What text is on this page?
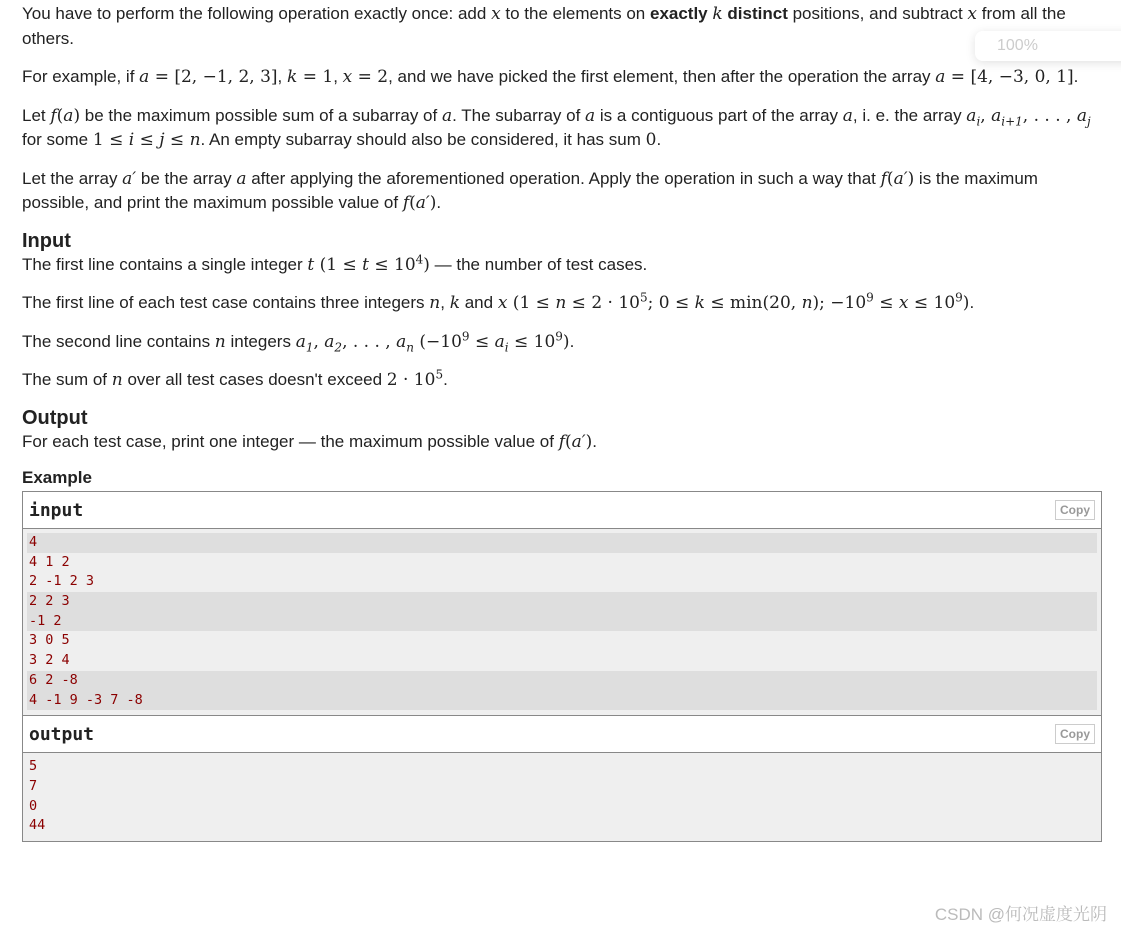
You have to perform the following operation exactly once: add x to the elements on exactly k distinct positions, and subtract x from all the others.

For example, if a = [2, −1, 2, 3], k = 1, x = 2, and we have picked the first element, then after the operation the array a = [4, −3, 0, 1].

Let f(a) be the maximum possible sum of a subarray of a. The subarray of a is a contiguous part of the array a, i. e. the array $a_i$, $a_{i+1}$, . . . , $a_j$ for some 1 ≤ i ≤ j ≤ n. An empty subarray should also be considered, it has sum 0.

Let the array a′ be the array a after applying the aforementioned operation. Apply the operation in such a way that f(a′) is the maximum possible, and print the maximum possible value of f(a′).

Input

The first line contains a single integer t $(1 \le t \le 10^4)$ — the number of test cases.

The first line of each test case contains three integers n, k and x ($1 \le n \le 2 \cdot 10^5$; 0 ≤ k ≤ min(20, n); $-10^9 \le x \le 10^9$).

The second line contains n integers $a_1$, $a_2$, . . . , $a_n$ $(-10^9 \le a_i \le 10^9)$.

The sum of n over all test cases doesn't exceed $2 \cdot 10^5$.

Output

For each test case, print one integer — the maximum possible value of f(a′).

Example
input	Copy
4
4 1 2
2 -1 2 3
2 2 3
-1 2
3 0 5
3 2 4
6 2 -8
4 -1 9 -3 7 -8
output	Copy
5
7
0
44
100%
CSDN @何况虚度光阴
